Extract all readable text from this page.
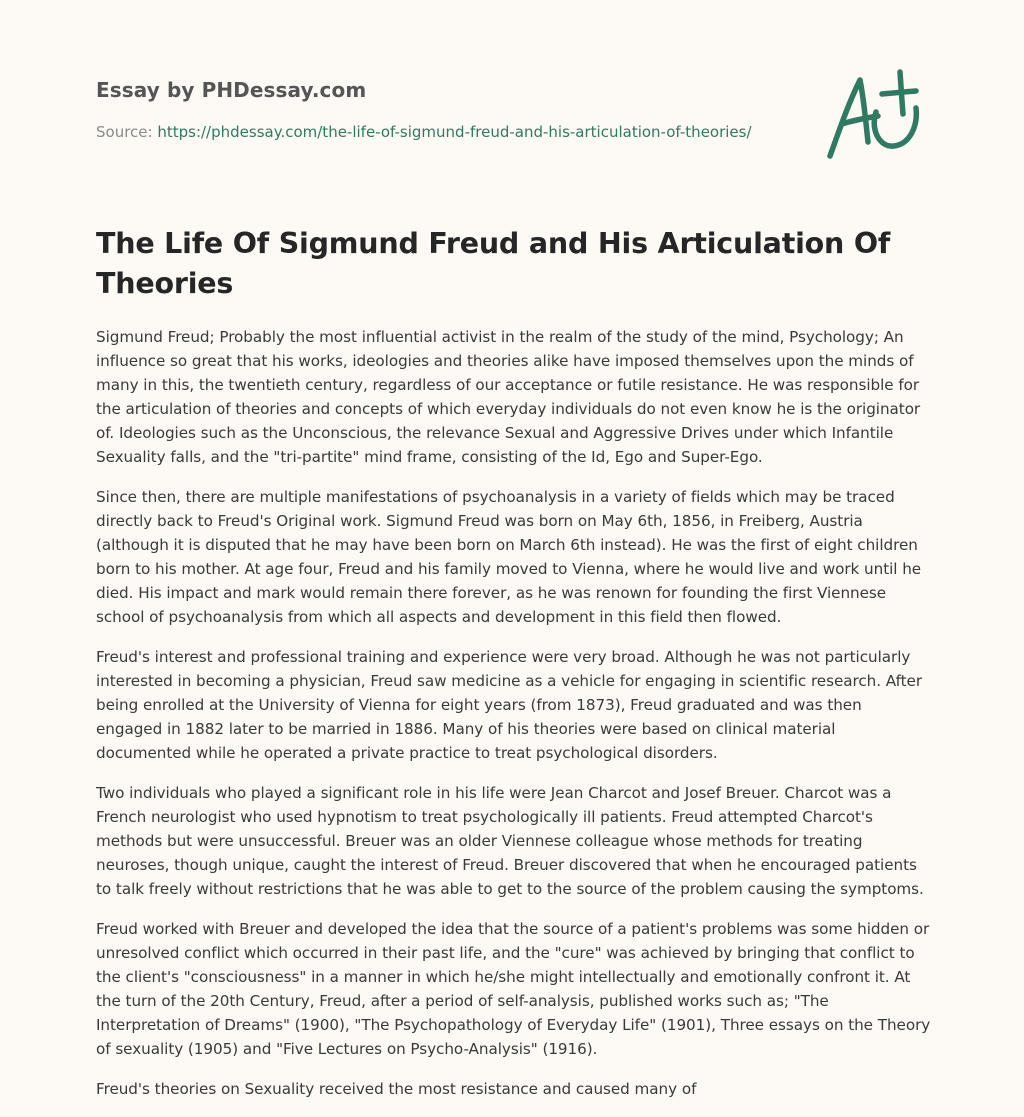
Essay by PHDessay.com

Source: https://phdessay.com/the-life-of-sigmund-freud-and-his-articulation-of-theories/
The Life Of Sigmund Freud and His Articulation Of Theories

Sigmund Freud; Probably the most influential activist in the realm of the study of the mind, Psychology; An influence so great that his works, ideologies and theories alike have imposed themselves upon the minds of many in this, the twentieth century, regardless of our acceptance or futile resistance. He was responsible for the articulation of theories and concepts of which everyday individuals do not even know he is the originator of. Ideologies such as the Unconscious, the relevance Sexual and Aggressive Drives under which Infantile Sexuality falls, and the "tri-partite" mind frame, consisting of the Id, Ego and Super-Ego.

Since then, there are multiple manifestations of psychoanalysis in a variety of fields which may be traced directly back to Freud's Original work. Sigmund Freud was born on May 6th, 1856, in Freiberg, Austria (although it is disputed that he may have been born on March 6th instead). He was the first of eight children born to his mother. At age four, Freud and his family moved to Vienna, where he would live and work until he died. His impact and mark would remain there forever, as he was renown for founding the first Viennese school of psychoanalysis from which all aspects and development in this field then flowed.

Freud's interest and professional training and experience were very broad. Although he was not particularly interested in becoming a physician, Freud saw medicine as a vehicle for engaging in scientific research. After being enrolled at the University of Vienna for eight years (from 1873), Freud graduated and was then engaged in 1882 later to be married in 1886. Many of his theories were based on clinical material documented while he operated a private practice to treat psychological disorders.

Two individuals who played a significant role in his life were Jean Charcot and Josef Breuer. Charcot was a French neurologist who used hypnotism to treat psychologically ill patients. Freud attempted Charcot's methods but were unsuccessful. Breuer was an older Viennese colleague whose methods for treating neuroses, though unique, caught the interest of Freud. Breuer discovered that when he encouraged patients to talk freely without restrictions that he was able to get to the source of the problem causing the symptoms.

Freud worked with Breuer and developed the idea that the source of a patient's problems was some hidden or unresolved conflict which occurred in their past life, and the "cure" was achieved by bringing that conflict to the client's "consciousness" in a manner in which he/she might intellectually and emotionally confront it. At the turn of the 20th Century, Freud, after a period of self-analysis, published works such as; "The Interpretation of Dreams" (1900), "The Psychopathology of Everyday Life" (1901), Three essays on the Theory of sexuality (1905) and "Five Lectures on Psycho-Analysis" (1916).

Freud's theories on Sexuality received the most resistance and caused many of
